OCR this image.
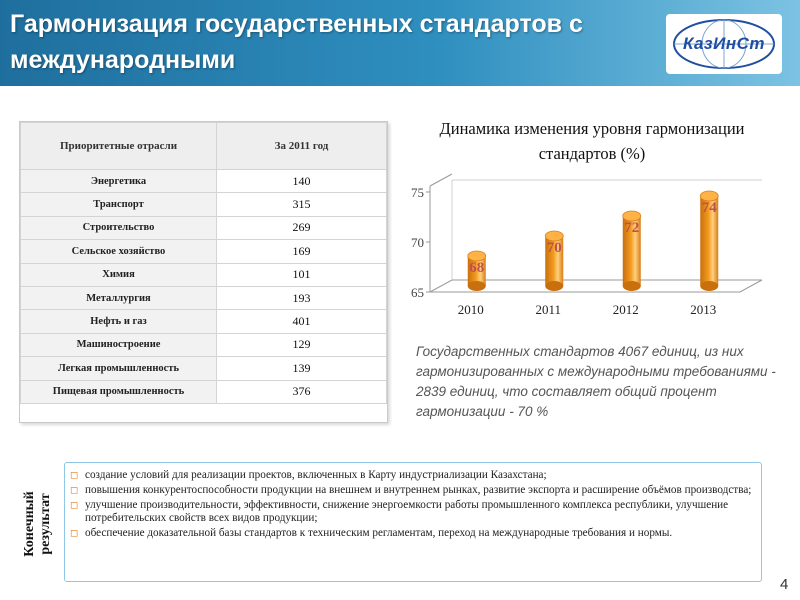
Гармонизация государственных стандартов с международными
КазИнСт
Приоритетные отрасли	За 2011 год
Энергетика	140
Транспорт	315
Строительство	269
Сельское хозяйство	169
Химия	101
Металлургия	193
Нефть и газ	401
Машиностроение	129
Легкая промышленность	139
Пищевая промышленность	376
Динамика изменения уровня гармонизации стандартов (%)
65
70
75
68
2010
70
2011
72
2012
74
2013
Государственных стандартов 4067 единиц, из них гармонизированных с международными требованиями - 2839 единиц, что составляет общий процент гармонизации - 70 %
Конечный результат
◻ создание условий для реализации проектов, включенных в Карту индустриализации Казахстана;
◻ повышения конкурентоспособности продукции на внешнем и внутреннем рынках, развитие экспорта и расширение объёмов производства;
◻ улучшение производительности, эффективности, снижение энергоемкости работы промышленного комплекса республики, улучшение потребительских свойств всех видов продукции;
◻ обеспечение доказательной базы стандартов к техническим регламентам, переход на международные требования и нормы.
4
